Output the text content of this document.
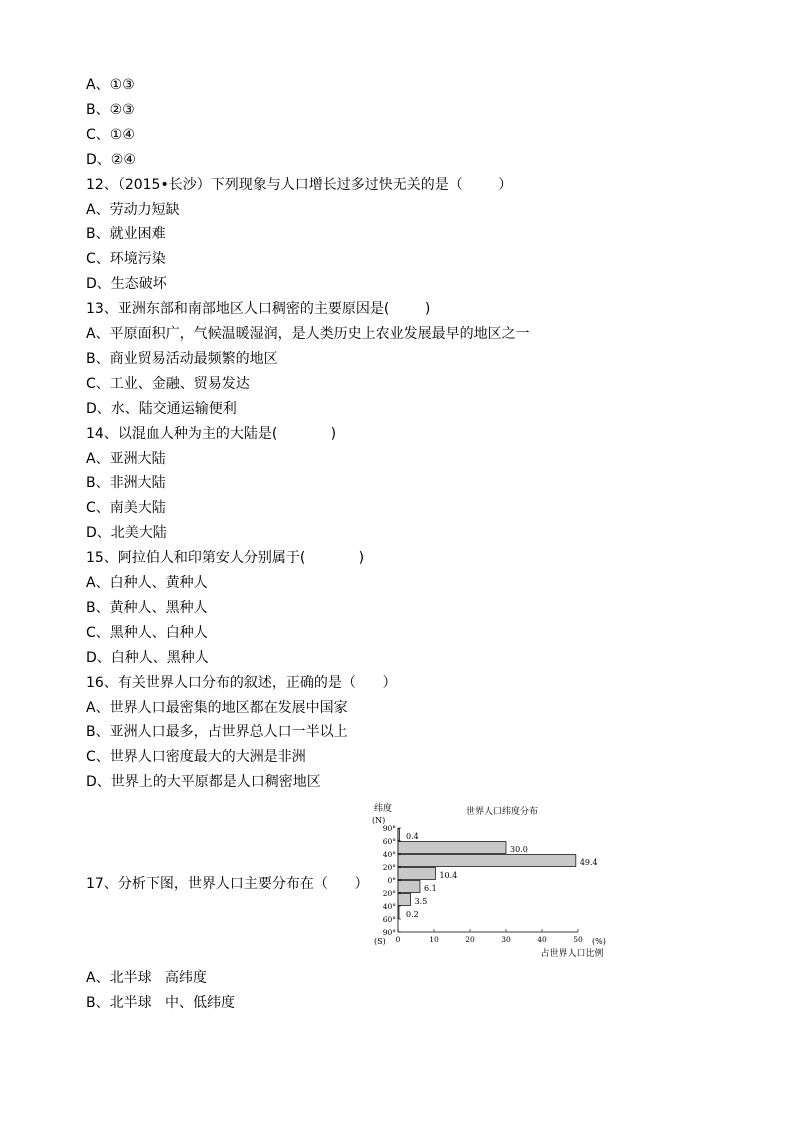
A、①③
B、②③
C、①④
D、②④
12、（2015•长沙）下列现象与人口增长过多过快无关的是（        ）
A、劳动力短缺
B、就业困难
C、环境污染
D、生态破坏
13、亚洲东部和南部地区人口稠密的主要原因是(        )
A、平原面积广，气候温暖湿润，是人类历史上农业发展最早的地区之一
B、商业贸易活动最频繁的地区
C、工业、金融、贸易发达
D、水、陆交通运输便利
14、以混血人种为主的大陆是(            )
A、亚洲大陆
B、非洲大陆
C、南美大陆
D、北美大陆
15、阿拉伯人和印第安人分别属于(            )
A、白种人、黄种人
B、黄种人、黑种人
C、黑种人、白种人
D、白种人、黑种人
16、有关世界人口分布的叙述，正确的是（      ）
A、世界人口最密集的地区都在发展中国家
B、亚洲人口最多，占世界总人口一半以上
C、世界人口密度最大的大洲是非洲
D、世界上的大平原都是人口稠密地区
17、分析下图，世界人口主要分布在（      ）
世界人口纬度分布
纬度
(N)
(S)	(%)
占世界人口比例
90°
60°
40°
20°
0°
20°
40°
60°
90°
0	10	20	30	40	50
0.4
30.0
49.4
10.4
6.1
3.5
0.2
A、北半球   高纬度
B、北半球   中、低纬度
